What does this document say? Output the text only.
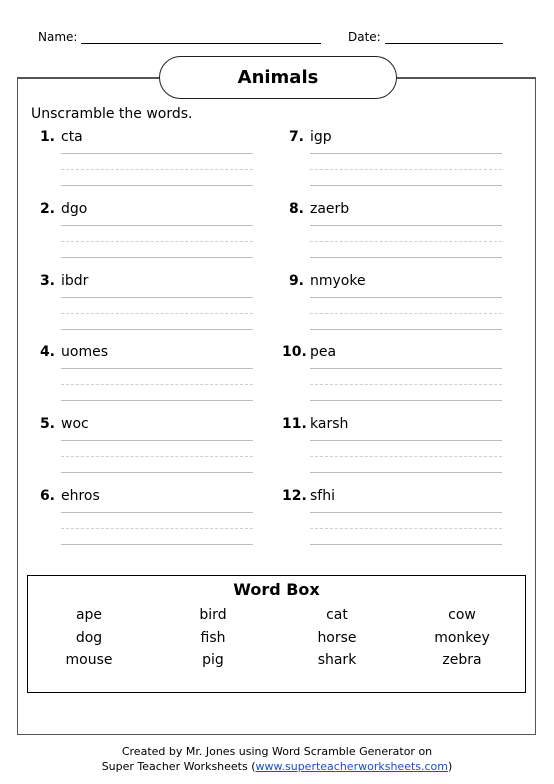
Name:	Date:
Animals
Unscramble the words.
1. cta
2. dgo
3. ibdr
4. uomes
5. woc
6. ehros
7. igp
8. zaerb
9. nmyoke
10. pea
11. karsh
12. sfhi
Word Box
ape	bird	cat	cow
dog	fish	horse	monkey
mouse	pig	shark	zebra
Created by Mr. Jones using Word Scramble Generator on
Super Teacher Worksheets (www.superteacherworksheets.com)
